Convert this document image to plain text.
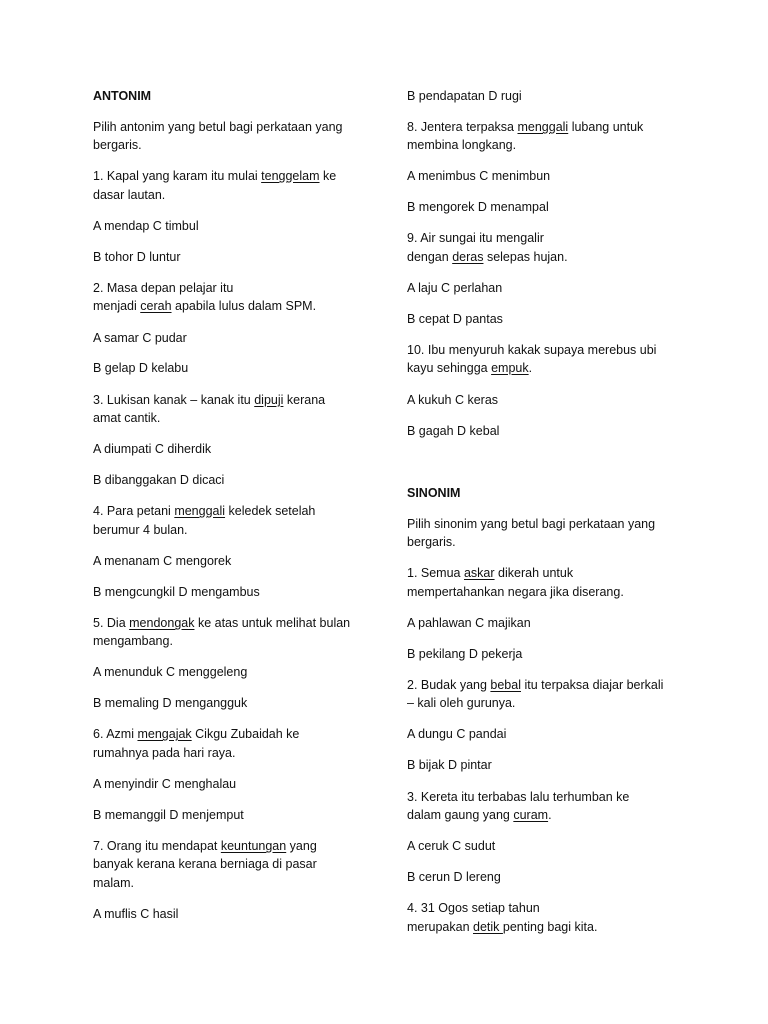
ANTONIM
Pilih antonim yang betul bagi perkataan yang
bergaris.
1. Kapal yang karam itu mulai tenggelam ke
dasar lautan.
A mendap C timbul
B tohor D luntur
2. Masa depan pelajar itu
menjadi cerah apabila lulus dalam SPM.
A samar C pudar
B gelap D kelabu
3. Lukisan kanak – kanak itu dipuji kerana
amat cantik.
A diumpati C diherdik
B dibanggakan D dicaci
4. Para petani menggali keledek setelah
berumur 4 bulan.
A menanam C mengorek
B mengcungkil D mengambus
5. Dia mendongak ke atas untuk melihat bulan
mengambang.
A menunduk C menggeleng
B memaling D mengangguk
6. Azmi mengajak Cikgu Zubaidah ke
rumahnya pada hari raya.
A menyindir C menghalau
B memanggil D menjemput
7. Orang itu mendapat keuntungan yang
banyak kerana kerana berniaga di pasar
malam.
A muflis C hasil
B pendapatan D rugi
8. Jentera terpaksa menggali lubang untuk
membina longkang.
A menimbus C menimbun
B mengorek D menampal
9. Air sungai itu mengalir
dengan deras selepas hujan.
A laju C perlahan
B cepat D pantas
10. Ibu menyuruh kakak supaya merebus ubi
kayu sehingga empuk.
A kukuh C keras
B gagah D kebal
SINONIM
Pilih sinonim yang betul bagi perkataan yang
bergaris.
1. Semua askar dikerah untuk
mempertahankan negara jika diserang.
A pahlawan C majikan
B pekilang D pekerja
2. Budak yang bebal itu terpaksa diajar berkali
– kali oleh gurunya.
A dungu C pandai
B bijak D pintar
3. Kereta itu terbabas lalu terhumban ke
dalam gaung yang curam.
A ceruk C sudut
B cerun D lereng
4. 31 Ogos setiap tahun
merupakan detik penting bagi kita.
